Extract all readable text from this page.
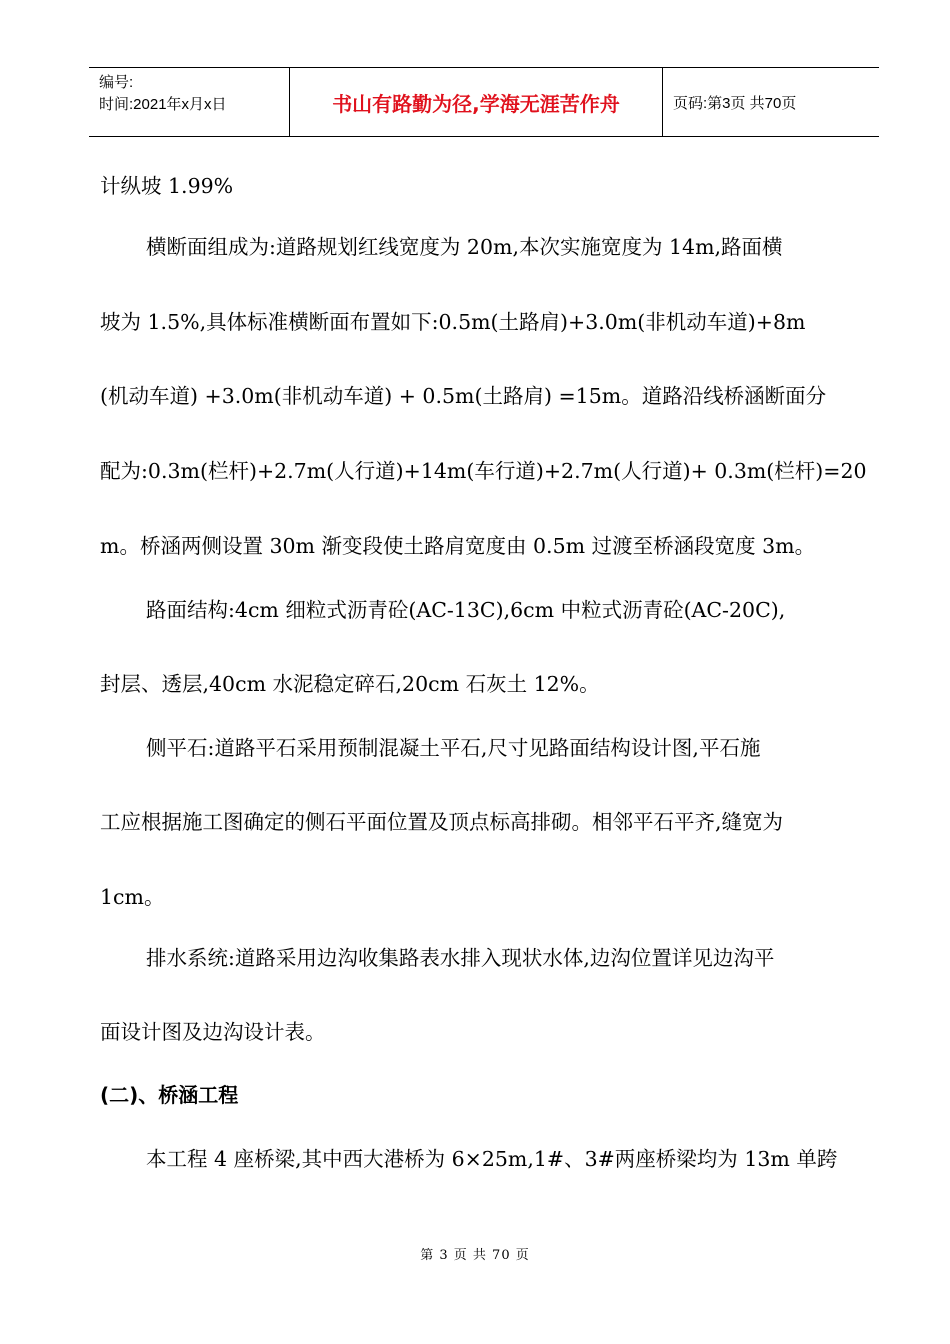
编号:
时间:2021年x月x日	书山有路勤为径,学海无涯苦作舟	页码:第3页 共70页
计纵坡 1.99%
横断面组成为:道路规划红线宽度为 20m,本次实施宽度为 14m,路面横
坡为 1.5%,具体标准横断面布置如下:0.5m(土路肩)+3.0m(非机动车道)+8m
(机动车道) +3.0m(非机动车道) + 0.5m(土路肩) =15m。道路沿线桥涵断面分
配为:0.3m(栏杆)+2.7m(人行道)+14m(车行道)+2.7m(人行道)+ 0.3m(栏杆)=20
m。桥涵两侧设置 30m 渐变段使土路肩宽度由 0.5m 过渡至桥涵段宽度 3m。
路面结构:4cm 细粒式沥青砼(AC-13C),6cm 中粒式沥青砼(AC-20C),
封层、透层,40cm 水泥稳定碎石,20cm 石灰土 12%。
侧平石:道路平石采用预制混凝土平石,尺寸见路面结构设计图,平石施
工应根据施工图确定的侧石平面位置及顶点标高排砌。相邻平石平齐,缝宽为
1cm。
排水系统:道路采用边沟收集路表水排入现状水体,边沟位置详见边沟平
面设计图及边沟设计表。
(二)、桥涵工程
本工程 4 座桥梁,其中西大港桥为 6×25m,1#、3#两座桥梁均为 13m 单跨
第 3 页 共 70 页
